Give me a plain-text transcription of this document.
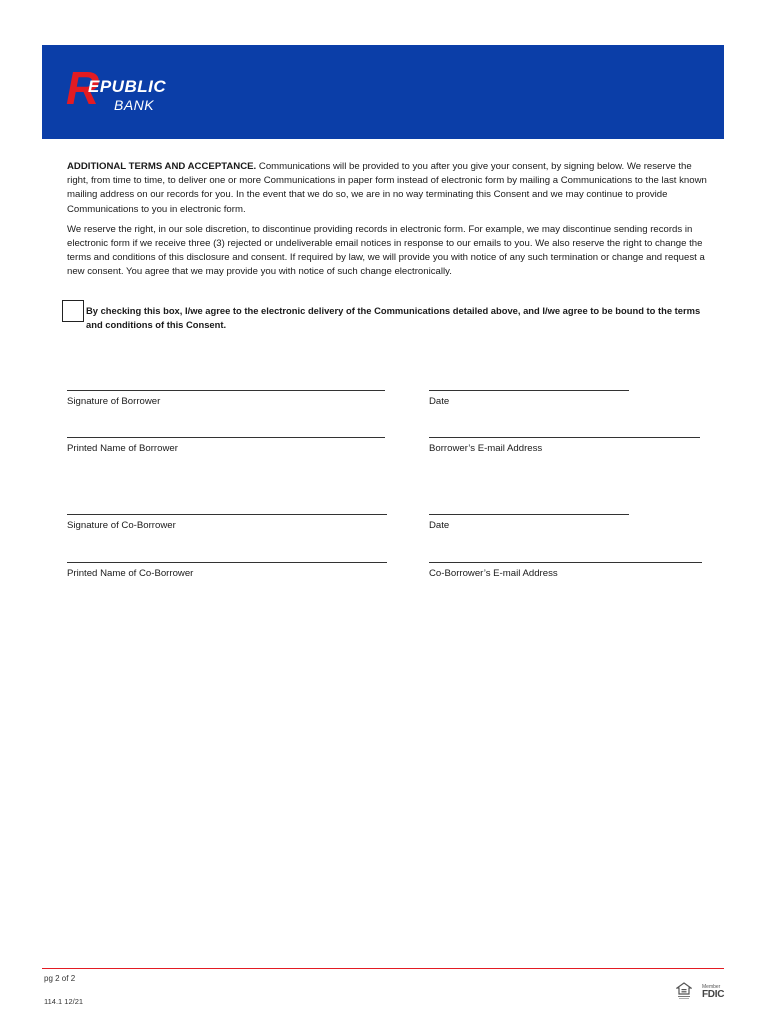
R
EPUBLIC
BANK

ADDITIONAL TERMS AND ACCEPTANCE. Communications will be provided to you after you give your consent, by signing below. We reserve the right, from time to time, to deliver one or more Communications in paper form instead of electronic form by mailing a Communications to the last known mailing address on our records for you. In the event that we do so, we are in no way terminating this Consent and we may continue to provide Communications to you in electronic form.

We reserve the right, in our sole discretion, to discontinue providing records in electronic form. For example, we may discontinue sending records in electronic form if we receive three (3) rejected or undeliverable email notices in response to our emails to you. We also reserve the right to change the terms and conditions of this disclosure and consent. If required by law, we will provide you with notice of any such termination or change and request a new consent. You agree that we may provide you with notice of such change electronically.

By checking this box, I/we agree to the electronic delivery of the Communications detailed above, and I/we agree to be bound to the terms and conditions of this Consent.
Signature of Borrower	Date
Printed Name of Borrower	Borrower’s E-mail Address
Signature of Co-Borrower	Date
Printed Name of Co-Borrower	Co-Borrower’s E-mail Address
pg 2 of 2
114.1 12/21
Member
FDIC
